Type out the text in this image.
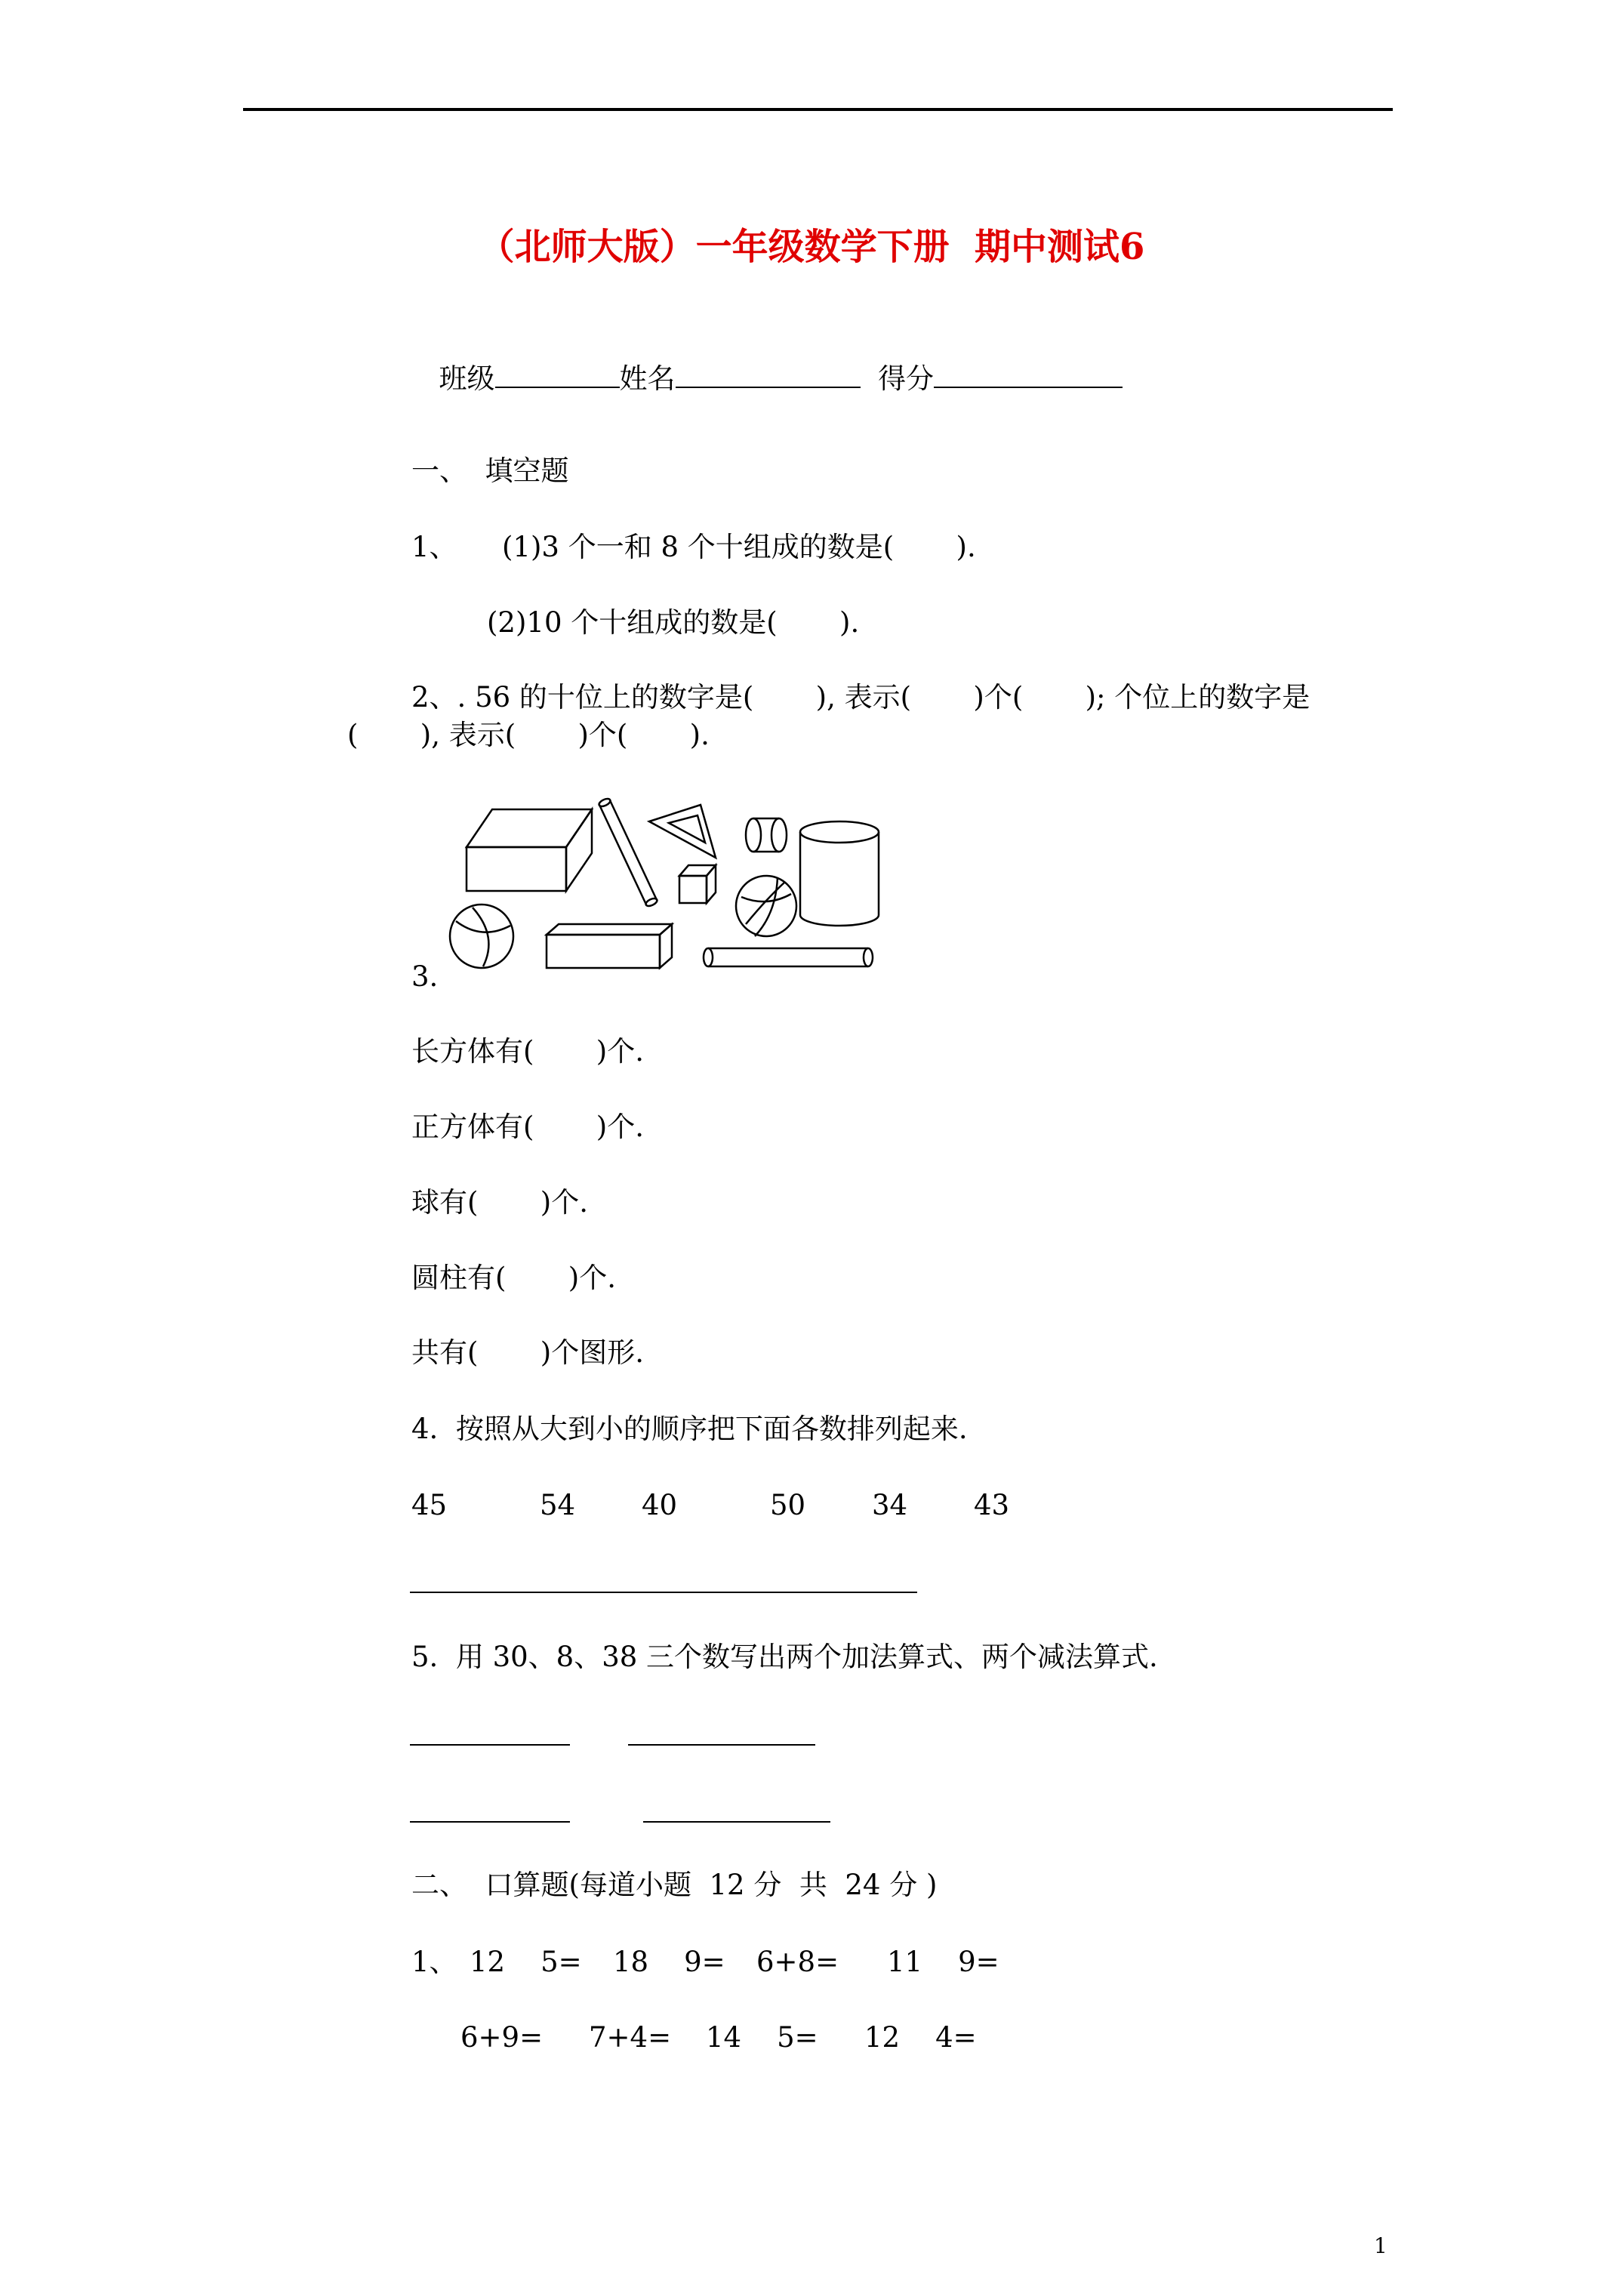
（北师大版）一年级数学下册  期中测试6

班级	姓名	得分

一、  填空题
1、 (1)3 个一和 8 个十组成的数是(       ).
(2)10 个十组成的数是(       ).
2、. 56 的十位上的数字是(       ), 表示(       )个(       ); 个位上的数字是
(       ), 表示(       )个(       ).
3.
长方体有(       )个.
正方体有(       )个.
球有(       )个.
圆柱有(       )个.
共有(       )个图形.
4.  按照从大到小的顺序把下面各数排列起来.
45	54 40	50 34 43
5.  用 30、8、38 三个数写出两个加法算式、两个减法算式.
二、  口算题(每道小题  12 分  共  24 分 )
1、 12    5= 18    9= 6+8= 11    9=
6+9= 7+4= 14    5= 12    4=
1
